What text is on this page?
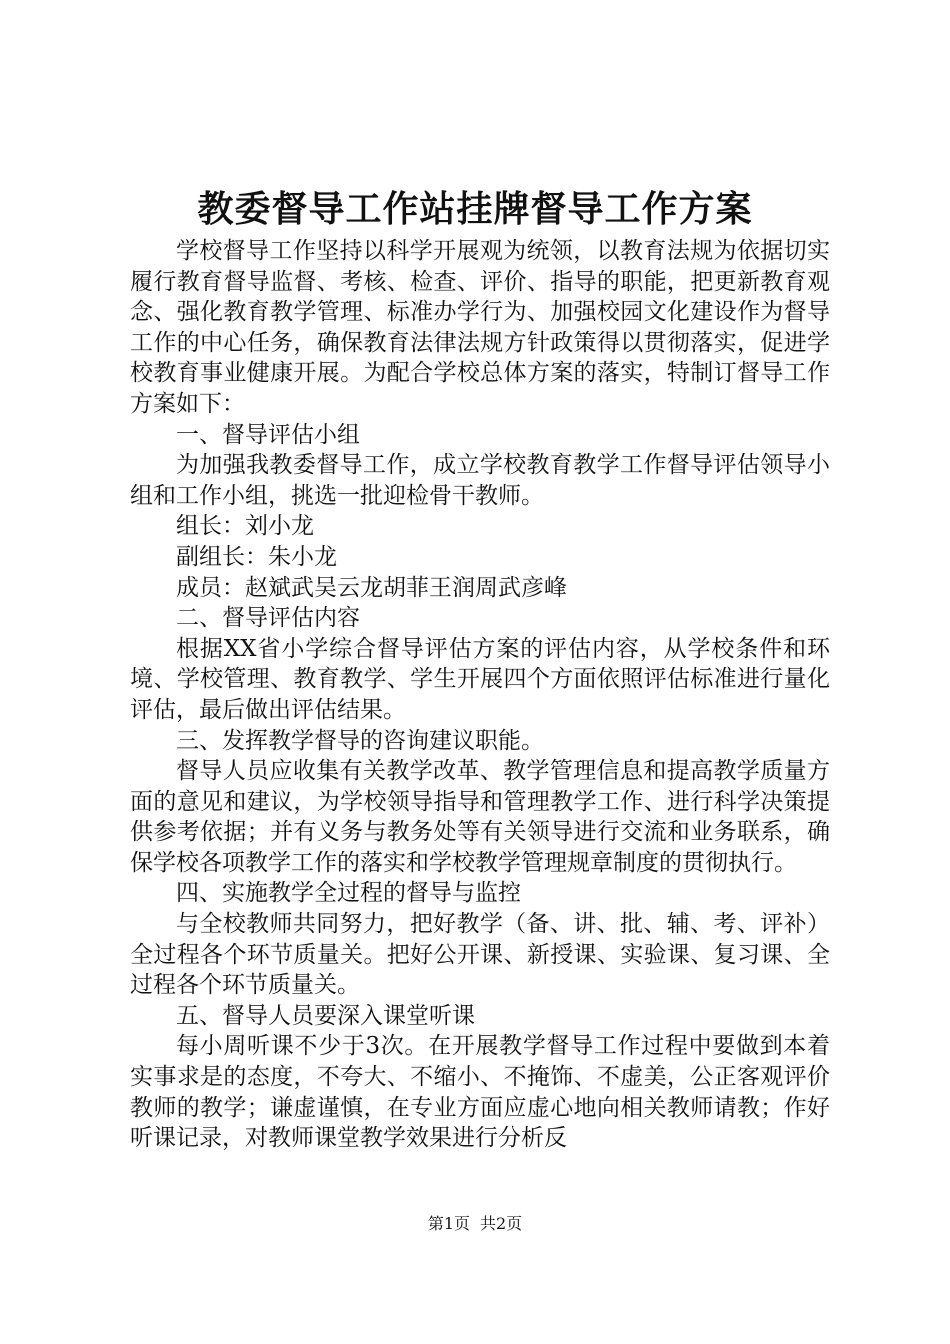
教委督导工作站挂牌督导工作方案

学校督导工作坚持以科学开展观为统领，以教育法规为依据切实履行教育督导监督、考核、检查、评价、指导的职能，把更新教育观念、强化教育教学管理、标准办学行为、加强校园文化建设作为督导工作的中心任务，确保教育法律法规方针政策得以贯彻落实，促进学校教育事业健康开展。为配合学校总体方案的落实，特制订督导工作方案如下：

一、督导评估小组

为加强我教委督导工作，成立学校教育教学工作督导评估领导小组和工作小组，挑选一批迎检骨干教师。

组长：刘小龙

副组长：朱小龙

成员：赵斌武吴云龙胡菲王润周武彦峰

二、督导评估内容

根据XX省小学综合督导评估方案的评估内容，从学校条件和环境、学校管理、教育教学、学生开展四个方面依照评估标准进行量化评估，最后做出评估结果。

三、发挥教学督导的咨询建议职能。

督导人员应收集有关教学改革、教学管理信息和提高教学质量方面的意见和建议，为学校领导指导和管理教学工作、进行科学决策提供参考依据；并有义务与教务处等有关领导进行交流和业务联系，确保学校各项教学工作的落实和学校教学管理规章制度的贯彻执行。

四、实施教学全过程的督导与监控

与全校教师共同努力，把好教学（备、讲、批、辅、考、评补）全过程各个环节质量关。把好公开课、新授课、实验课、复习课、全过程各个环节质量关。

五、督导人员要深入课堂听课

每小周听课不少于3次。在开展教学督导工作过程中要做到本着实事求是的态度，不夸大、不缩小、不掩饰、不虚美，公正客观评价教师的教学；谦虚谨慎，在专业方面应虚心地向相关教师请教；作好听课记录，对教师课堂教学效果进行分析反

第1页 共2页
